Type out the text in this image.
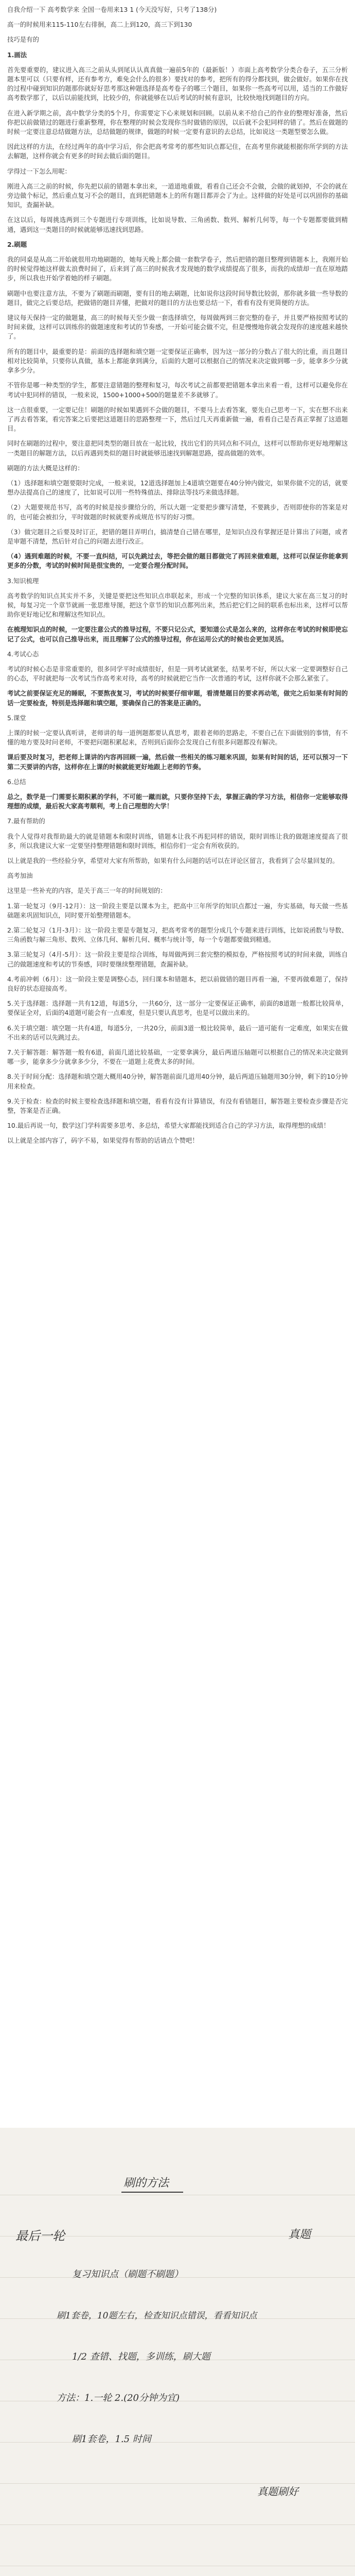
自我介绍一下 高考数学来 全国一卷用来13 1 (今天没写好，只考了138分)

高一的时候用来115-110左右徘徊，高二上到120，高三下到130

技巧是有的

1.画法

首先要重要的，建议进入高三之前从头到尾认认真真做一遍前5年的（最新版！）市面上高考数学分类合卷子，五三分析题本里可以（只要有样，还有参考方，难免会什么的很多）要找对的参考，把所有的得分都找到，做会做好。如果你在找的过程中碰到知识的题那你就好好思考那这种题选择是高考卷子的哪三个题目，如果你一些高考可以用，适当的工作做好高考数学那了，以后以前能找到，比较少的，你就能够在以后考试的时候有意识，比较快地找到题目的方向。

在进入新学期之前，高中数学分类的5个月，你需要定下心来规划和回顾。以前从来不给自己的作业的整理好准备，然后你把以前做错过的题进行重新整理，你在整理的时候会发现你当时做错的原因，以后就不会犯同样的错了。然后在做题的时候一定要注意总结做题方法，总结做题的规律，做题的时候一定要有意识的去总结，比如说这一类题型要怎么做。

因此这样的方法，在经过两年的高中学习后，你会把高考常考的那些知识点都记住，在高考里你就能根据你所学到的方法去解题，这样你就会有更多的时间去做后面的题目。

学得过一下怎么用呢：

刚进入高三之前的时候，你先把以前的错题本拿出来，一道道地重做，看看自己还会不会做，会做的就划掉，不会的就在旁边做个标记，然后重点复习不会的题目，直到把错题本上的所有题目都弄会了为止。这样做的好处是可以巩固你的基础知识，查漏补缺。

在这以后，每周挑选两到三个专题进行专项训练，比如说导数、三角函数、数列、解析几何等，每一个专题都要做到精通，遇到这一类题目的时候就能够迅速找到思路。

2.刷题

我的同桌是从高二开始就很用功地刷题的，她每天晚上都会做一套数学卷子，然后把错的题目整理到错题本上，我刚开始的时候觉得她这样做太浪费时间了，后来到了高三的时候我才发现她的数学成绩提高了很多，而我的成绩却一直在原地踏步，所以我也开始学着她的样子刷题。

刷题中也要注意方法，不要为了刷题而刷题，要有目的地去刷题，比如说你这段时间导数比较弱，那你就多做一些导数的题目，做完之后要总结，把做错的题目弄懂，把做对的题目的方法也要总结一下，看看有没有更简便的方法。

建议每天保持一定的做题量，高三的时候每天至少做一套选择填空，每周做两到三套完整的卷子，并且要严格按照考试的时间来做，这样可以训练你的做题速度和考试的节奏感，一开始可能会做不完，但是慢慢地你就会发现你的速度越来越快了。

所有的题目中，最重要的是：前面的选择题和填空题一定要保证正确率，因为这一部分的分数占了很大的比重，而且题目相对比较简单，只要你认真做，基本上都能拿到满分，后面的大题可以根据自己的情况来决定做到哪一步，能拿多少分就拿多少分。

不管你是哪一种类型的学生，都要注意错题的整理和复习，每次考试之前都要把错题本拿出来看一看，这样可以避免你在考试中犯同样的错误，一般来说，1500+1000+500的题量差不多就够了。

这一点很重要，一定要记住！刷题的时候如果遇到不会做的题目，不要马上去看答案，要先自己思考一下，实在想不出来了再去看答案，看完答案之后要把这道题目的思路整理一下，然后过几天再重新做一遍，看看自己是否真正掌握了这道题目。

同时在刷题的过程中，要注意把同类型的题目放在一起比较，找出它们的共同点和不同点，这样可以帮助你更好地理解这一类题目的解题方法，以后再遇到类似的题目时就能够迅速找到解题思路，提高做题的效率。

刷题的方法大概是这样的：

（1）选择题和填空题要限时完成，一般来说，12道选择题加上4道填空题要在40分钟内做完，如果你做不完的话，就要想办法提高自己的速度了，比如说可以用一些特殊值法、排除法等技巧来做选择题。

（2）大题要规范书写，高考的时候是按步骤给分的，所以大题一定要把步骤写清楚，不要跳步，否则即使你的答案是对的，也可能会被扣分，平时做题的时候就要养成规范书写的好习惯。

（3）做完题目之后要及时订正，把错的题目弄明白，搞清楚自己错在哪里，是知识点没有掌握还是计算出了问题，或者是审题不清楚，然后针对自己的问题去进行改正。

（4）遇到难题的时候，不要一直纠结，可以先跳过去，等把会做的题目都做完了再回来做难题，这样可以保证你能拿到更多的分数，考试的时候时间是很宝贵的，一定要合理分配时间。

3.知识梳理

高考数学的知识点其实并不多，关键是要把这些知识点串联起来，形成一个完整的知识体系，建议大家在高三复习的时候，每复习完一个章节就画一张思维导图，把这个章节的知识点都列出来，然后把它们之间的联系也标出来，这样可以帮助你更好地记忆和理解这些知识点。

在梳理知识点的时候，一定要注意公式的推导过程，不要只记公式，要知道公式是怎么来的，这样你在考试的时候即使忘记了公式，也可以自己推导出来，而且理解了公式的推导过程，你在运用公式的时候也会更加灵活。

4.考试心态

考试的时候心态是非常重要的，很多同学平时成绩很好，但是一到考试就紧张，结果考不好，所以大家一定要调整好自己的心态，平时就把每一次考试当作高考来对待，高考的时候就把它当作一次普通的考试，这样你就不会那么紧张了。

考试之前要保证充足的睡眠，不要熬夜复习，考试的时候要仔细审题，看清楚题目的要求再动笔，做完之后如果有时间的话一定要检查，特别是选择题和填空题，要确保自己的答案是正确的。

5.课堂

上课的时候一定要认真听讲，老师讲的每一道例题都要认真思考，跟着老师的思路走，不要自己在下面做别的事情，有不懂的地方要及时问老师，不要把问题积累起来，否则到后面你会发现自己有很多问题都没有解决。

课后要及时复习，把老师上课讲的内容再回顾一遍，然后做一些相关的练习题来巩固，如果有时间的话，还可以预习一下第二天要讲的内容，这样你在上课的时候就能更好地跟上老师的节奏。

6.总结

总之，数学是一门需要长期积累的学科，不可能一蹴而就，只要你坚持下去，掌握正确的学习方法，相信你一定能够取得理想的成绩，最后祝大家高考顺利，考上自己理想的大学！

7.最有帮助的

我个人觉得对我帮助最大的就是错题本和限时训练，错题本让我不再犯同样的错误，限时训练让我的做题速度提高了很多，所以我建议大家一定要坚持整理错题和限时训练，相信你们一定会有所收获的。

以上就是我的一些经验分享，希望对大家有所帮助，如果有什么问题的话可以在评论区留言，我看到了会尽量回复的。

高考加油

这里是一些补充的内容，是关于高三一年的时间规划的：

1.第一轮复习（9月-12月）：这一阶段主要是以课本为主，把高中三年所学的知识点都过一遍，夯实基础，每天做一些基础题来巩固知识点，同时要开始整理错题本。

2.第二轮复习（1月-3月）：这一阶段主要是专题复习，把高考常考的题型分成几个专题来进行训练，比如说函数与导数、三角函数与解三角形、数列、立体几何、解析几何、概率与统计等，每一个专题都要做到精通。

3.第三轮复习（4月-5月）：这一阶段主要是综合训练，每周做两到三套完整的模拟卷，严格按照考试的时间来做，训练自己的做题速度和考试的节奏感，同时要继续整理错题，查漏补缺。

4.考前冲刺（6月）：这一阶段主要是调整心态，回归课本和错题本，把以前做错的题目再看一遍，不要再做难题了，保持良好的状态迎接高考。

5.关于选择题：选择题一共有12道，每道5分，一共60分，这一部分一定要保证正确率，前面的8道题一般都比较简单，要保证全对，后面的4道题可能会有一点难度，但是只要认真思考，也是可以做出来的。

6.关于填空题：填空题一共有4道，每道5分，一共20分，前面3道一般比较简单，最后一道可能有一定难度，如果实在做不出来的话可以先跳过去。

7.关于解答题：解答题一般有6道，前面几道比较基础，一定要拿满分，最后两道压轴题可以根据自己的情况来决定做到哪一步，能拿多少分就拿多少分，不要在一道题上花费太多的时间。

8.关于时间分配：选择题和填空题大概用40分钟，解答题前面几道用40分钟，最后两道压轴题用30分钟，剩下的10分钟用来检查。

9.关于检查：检查的时候主要检查选择题和填空题，看看有没有计算错误，有没有看错题目，解答题主要检查步骤是否完整，答案是否正确。

10.最后再说一句，数学这门学科需要多思考、多总结，希望大家都能找到适合自己的学习方法，取得理想的成绩！

以上就是全部内容了，码字不易，如果觉得有帮助的话请点个赞吧！

刷的方法
最后一轮	真题
复习知识点（刷题不刷题）
刷1套卷，10题左右，检查知识点错误，看看知识点
1/2 查错、找题，多训练，刷大题
方法：1.一轮 2.(20分钟为宜)
刷1套卷，1.5 时间
真题刷好
